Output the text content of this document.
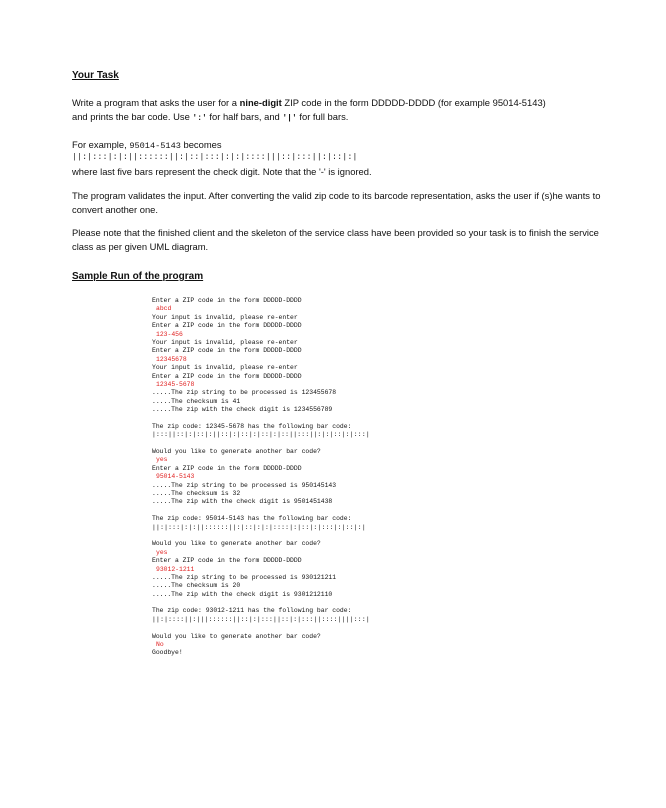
Your Task
Write a program that asks the user for a nine-digit ZIP code in the form DDDDD-DDDD (for example 95014-5143)
and prints the bar code. Use ':' for half bars, and '|' for full bars.
For example, 95014-5143 becomes
||:|:::|:|:||::::::||:|::|:::|:|:|::::|||::|:::||:|::|:|
where last five bars represent the check digit. Note that the '-' is ignored.
The program validates the input. After converting the valid zip code to its barcode representation, asks the user if (s)he wants to convert another one.
Please note that the finished client and the skeleton of the service class have been provided so your task is to finish the service class as per given UML diagram.
Sample Run of the program
Enter a ZIP code in the form DDDDD-DDDD
abcd
Your input is invalid, please re-enter
Enter a ZIP code in the form DDDDD-DDDD
123-456
Your input is invalid, please re-enter
Enter a ZIP code in the form DDDDD-DDDD
12345678
Your input is invalid, please re-enter
Enter a ZIP code in the form DDDDD-DDDD
12345-5678
.....The zip string to be processed is 123455678
.....The checksum is 41
.....The zip with the check digit is 1234556789
The zip code: 12345-5678 has the following bar code:
|:::||::|:|::|:||::|:|::|:|::|:|::||:::||:|:|::|:|:::|
Would you like to generate another bar code?
yes
Enter a ZIP code in the form DDDDD-DDDD
95014-5143
.....The zip string to be processed is 950145143
.....The checksum is 32
.....The zip with the check digit is 9501451438
The zip code: 95014-5143 has the following bar code:
||:|:::|:|:||::::::||:|::|:|:|::::|:|::|:|:::|:|::|:|
Would you like to generate another bar code?
yes
Enter a ZIP code in the form DDDDD-DDDD
93012-1211
.....The zip string to be processed is 930121211
.....The checksum is 20
.....The zip with the check digit is 9301212110
The zip code: 93012-1211 has the following bar code:
||:|::::||:|||::::::||::|:|:::||::|:|:::||::::||||:::|
Would you like to generate another bar code?
No
Goodbye!
